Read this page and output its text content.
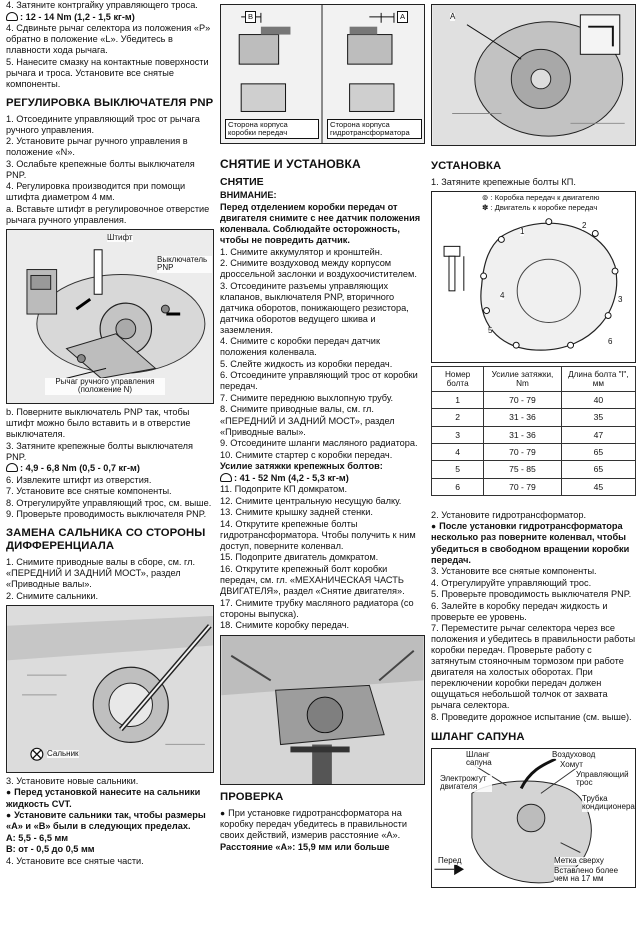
4. Затяните контргайку управляющего троса.

: 12 - 14 Nm (1,2 - 1,5 кг-м)

4. Сдвиньте рычаг селектора из положения «P» обратно в положение «L». Убедитесь в плавности хода рычага.

5. Нанесите смазку на контактные поверхности рычага и троса. Установите все снятые компоненты.

РЕГУЛИРОВКА ВЫКЛЮЧАТЕЛЯ PNP

1. Отсоедините управляющий трос от рычага ручного управления.

2. Установите рычаг ручного управления в положение «N».

3. Ослабьте крепежные болты выключателя PNP.

4. Регулировка производится при помощи штифта диаметром 4 мм.

a. Вставьте штифт в регулировочное отверстие рычага ручного управления.

Штифт
Выключатель PNP
Рычаг ручного управления (положение N)

b. Поверните выключатель PNP так, чтобы штифт можно было вставить и в отверстие выключателя.

3. Затяните крепежные болты выключателя PNP.

: 4,9 - 6,8 Nm (0,5 - 0,7 кг-м)

6. Извлеките штифт из отверстия.

7. Установите все снятые компоненты.

8. Отрегулируйте управляющий трос, см. выше.

9. Проверьте проводимость выключателя PNP.

ЗАМЕНА САЛЬНИКА СО СТОРОНЫ ДИФФЕРЕНЦИАЛА

1. Снимите приводные валы в сборе, см. гл. «ПЕРЕДНИЙ И ЗАДНИЙ МОСТ», раздел «Приводные валы».

2. Снимите сальники.

Сальник

3. Установите новые сальники.

● Перед установкой нанесите на сальники жидкость CVT.

● Установите сальники так, чтобы размеры «A» и «B» были в следующих пределах.

A: 5,5 - 6,5 мм

B: от - 0,5 до 0,5 мм

4. Установите все снятые части.

B	A
Сторона корпуса коробки передач
Сторона корпуса гидротрансформатора
СНЯТИЕ И УСТАНОВКА
СНЯТИЕ

ВНИМАНИЕ:

Перед отделением коробки передач от двигателя снимите с нее датчик положения коленвала. Соблюдайте осторожность, чтобы не повредить датчик.

1. Снимите аккумулятор и кронштейн.

2. Снимите воздуховод между корпусом дроссельной заслонки и воздухоочистителем.

3. Отсоедините разъемы управляющих клапанов, выключателя PNP, вторичного датчика оборотов, понижающего резистора, датчика оборотов ведущего шкива и заземления.

4. Снимите с коробки передач датчик положения коленвала.

5. Слейте жидкость из коробки передач.

6. Отсоедините управляющий трос от коробки передач.

7. Снимите переднюю выхлопную трубу.

8. Снимите приводные валы, см. гл. «ПЕРЕДНИЙ И ЗАДНИЙ МОСТ», раздел «Приводные валы».

9. Отсоедините шланги масляного радиатора.

10. Снимите стартер с коробки передач.

Усилие затяжки крепежных болтов:

: 41 - 52 Nm (4,2 - 5,3 кг-м)

11. Подоприте КП домкратом.

12. Снимите центральную несущую балку.

13. Снимите крышку задней стенки.

14. Открутите крепежные болты гидротрансформатора. Чтобы получить к ним доступ, поверните коленвал.

15. Подоприте двигатель домкратом.

16. Открутите крепежный болт коробки передач, см. гл. «МЕХАНИЧЕСКАЯ ЧАСТЬ ДВИГАТЕЛЯ», раздел «Снятие двигателя».

17. Снимите трубку масляного радиатора (со стороны выпуска).

18. Снимите коробку передач.

ПРОВЕРКА

● При установке гидротрансформатора на коробку передач убедитесь в правильности своих действий, измерив расстояние «A».

Расстояние «A»: 15,9 мм или больше

A
УСТАНОВКА

1. Затяните крепежные болты КП.

⊚ : Коробка передач к двигателю
✽ : Двигатель к коробке передач
1
2
3
4
5
6
Номер болта	Усилие затяжки, Nm	Длина болта "l", мм
1	70 - 79	40
2	31 - 36	35
3	31 - 36	47
4	70 - 79	65
5	75 - 85	65
6	70 - 79	45

2. Установите гидротрансформатор.

● После установки гидротрансформатора несколько раз поверните коленвал, чтобы убедиться в свободном вращении коробки передач.

3. Установите все снятые компоненты.

4. Отрегулируйте управляющий трос.

5. Проверьте проводимость выключателя PNP.

6. Залейте в коробку передач жидкость и проверьте ее уровень.

7. Переместите рычаг селектора через все положения и убедитесь в правильности работы коробки передач. Проверьте работу с затянутым стояночным тормозом при работе двигателя на холостых оборотах. При переключении коробки передач должен ощущаться небольшой толчок от захвата рычага селектора.

8. Проведите дорожное испытание (см. выше).

ШЛАНГ САПУНА
Шланг сапуна
Воздуховод
Хомут
Управляющий трос
Электрожгут двигателя
Трубка кондиционера
Перед	Метка сверху
Вставлено более чем на 17 мм
